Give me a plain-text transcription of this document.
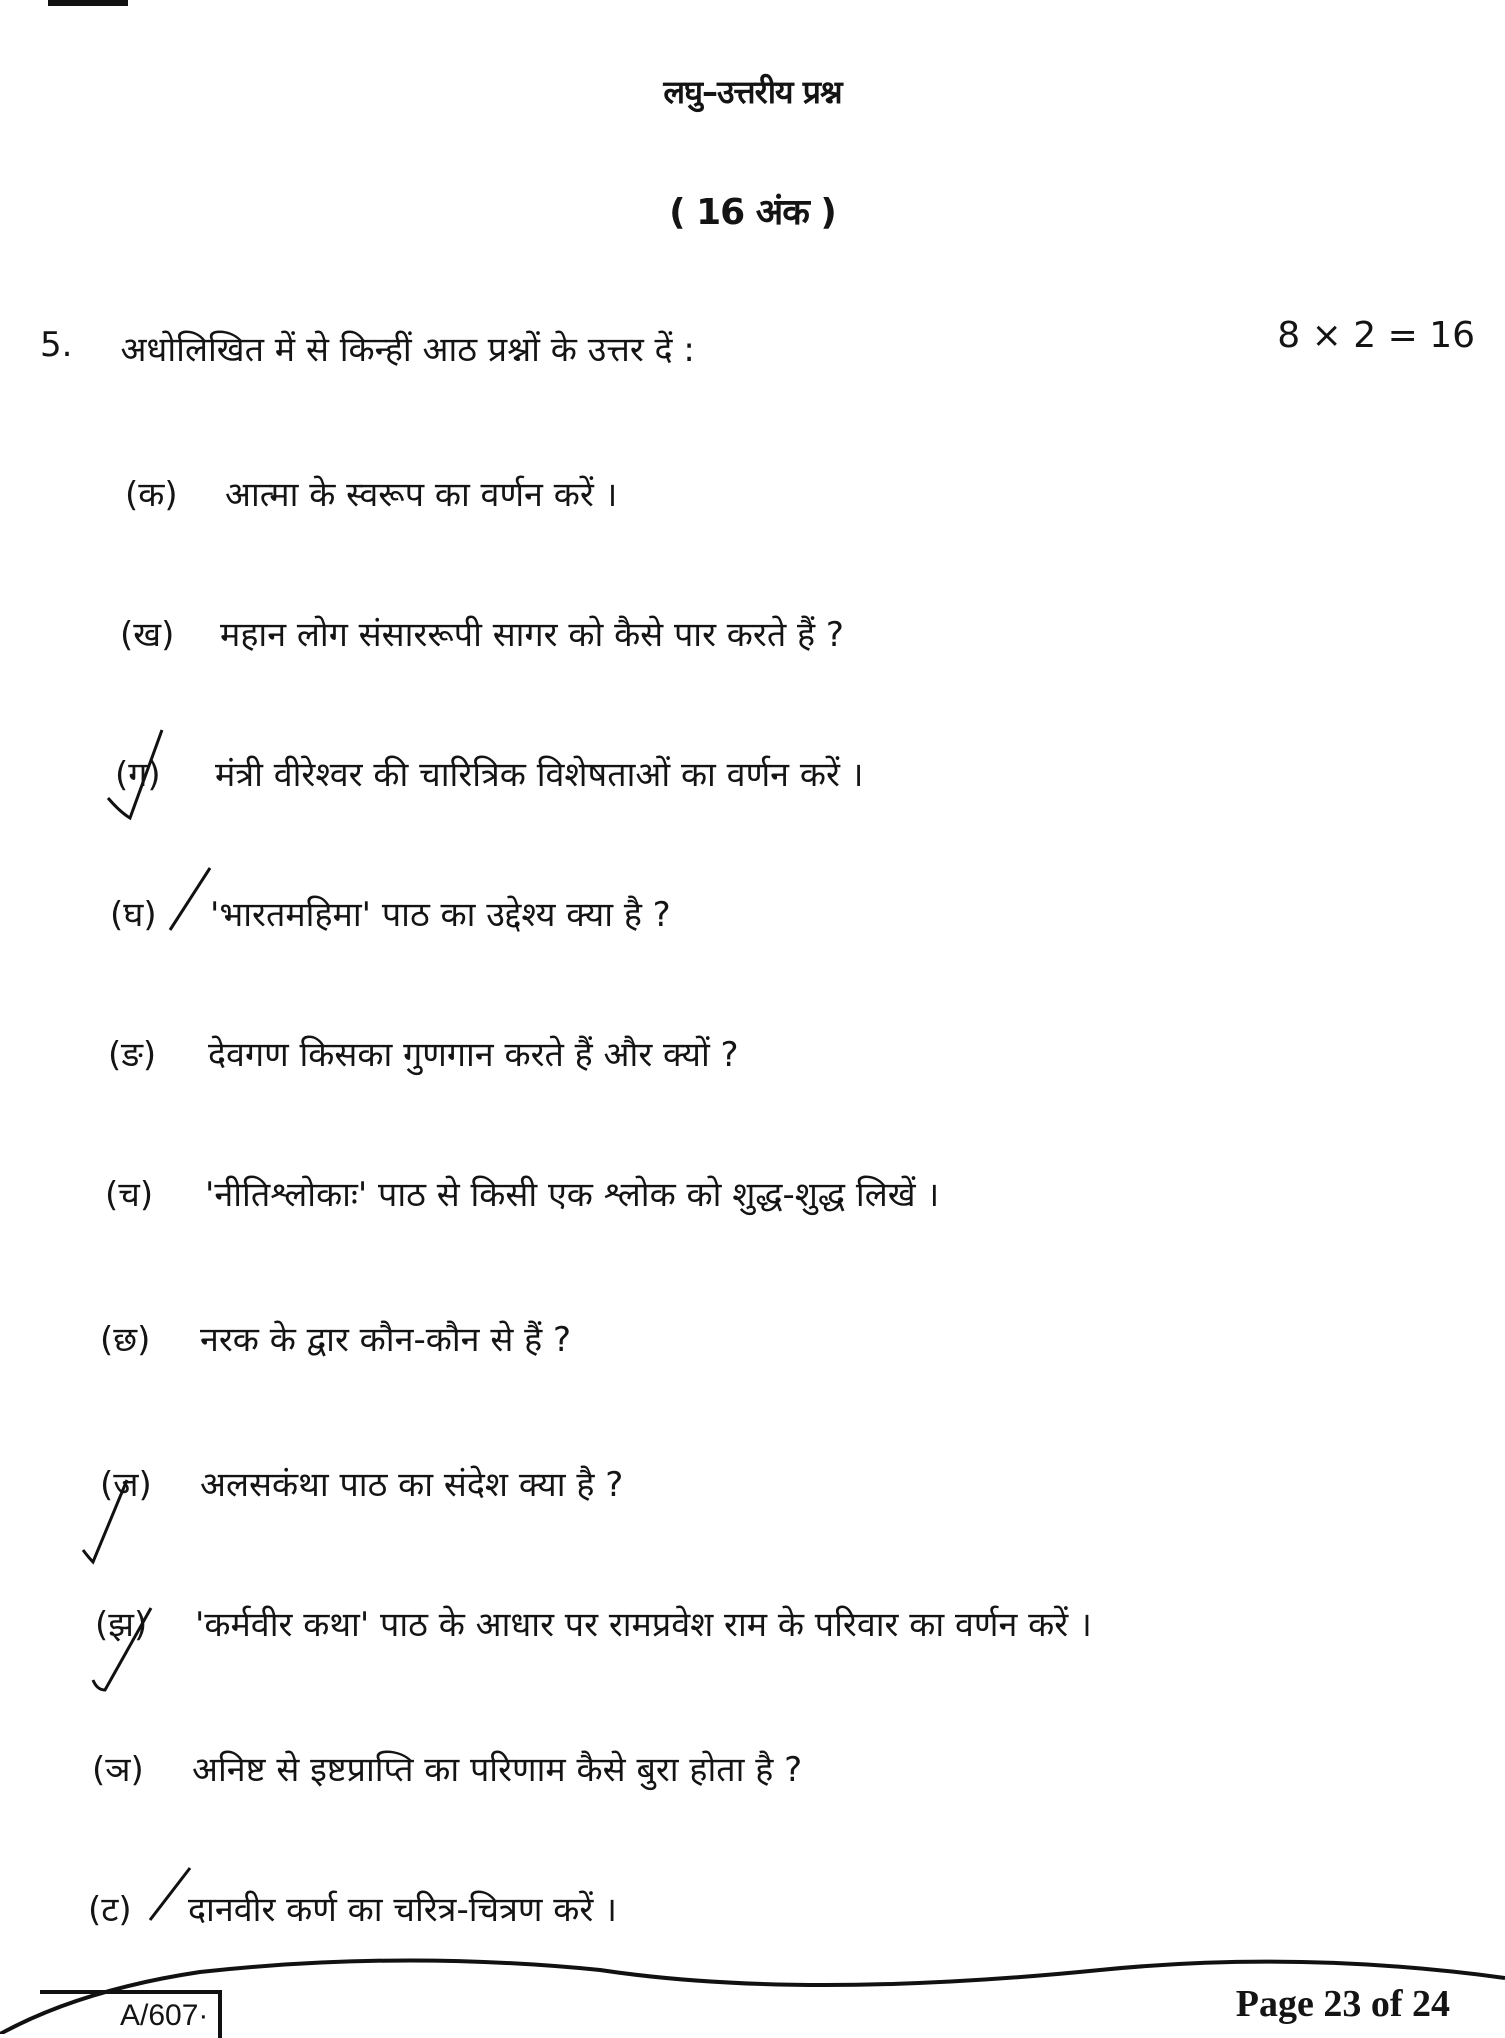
लघु–उत्तरीय प्रश्न
( 16 अंक )
5. अधोलिखित में से किन्हीं आठ प्रश्नों के उत्तर दें :	8 × 2 = 16
(क)	आत्मा के स्वरूप का वर्णन करें ।
(ख)	महान लोग संसाररूपी सागर को कैसे पार करते हैं ?
(ग)	मंत्री वीरेश्वर की चारित्रिक विशेषताओं का वर्णन करें ।
(घ)	'भारतमहिमा' पाठ का उद्देश्य क्या है ?
(ङ)	देवगण किसका गुणगान करते हैं और क्यों ?
(च)	'नीतिश्लोकाः' पाठ से किसी एक श्लोक को शुद्ध-शुद्ध लिखें ।
(छ)	नरक के द्वार कौन-कौन से हैं ?
(ज)	अलसकंथा पाठ का संदेश क्या है ?
(झ)	'कर्मवीर कथा' पाठ के आधार पर रामप्रवेश राम के परिवार का वर्णन करें ।
(ञ)	अनिष्ट से इष्टप्राप्ति का परिणाम कैसे बुरा होता है ?
(ट)	दानवीर कर्ण का चरित्र-चित्रण करें ।
A/607·	Page 23 of 24
